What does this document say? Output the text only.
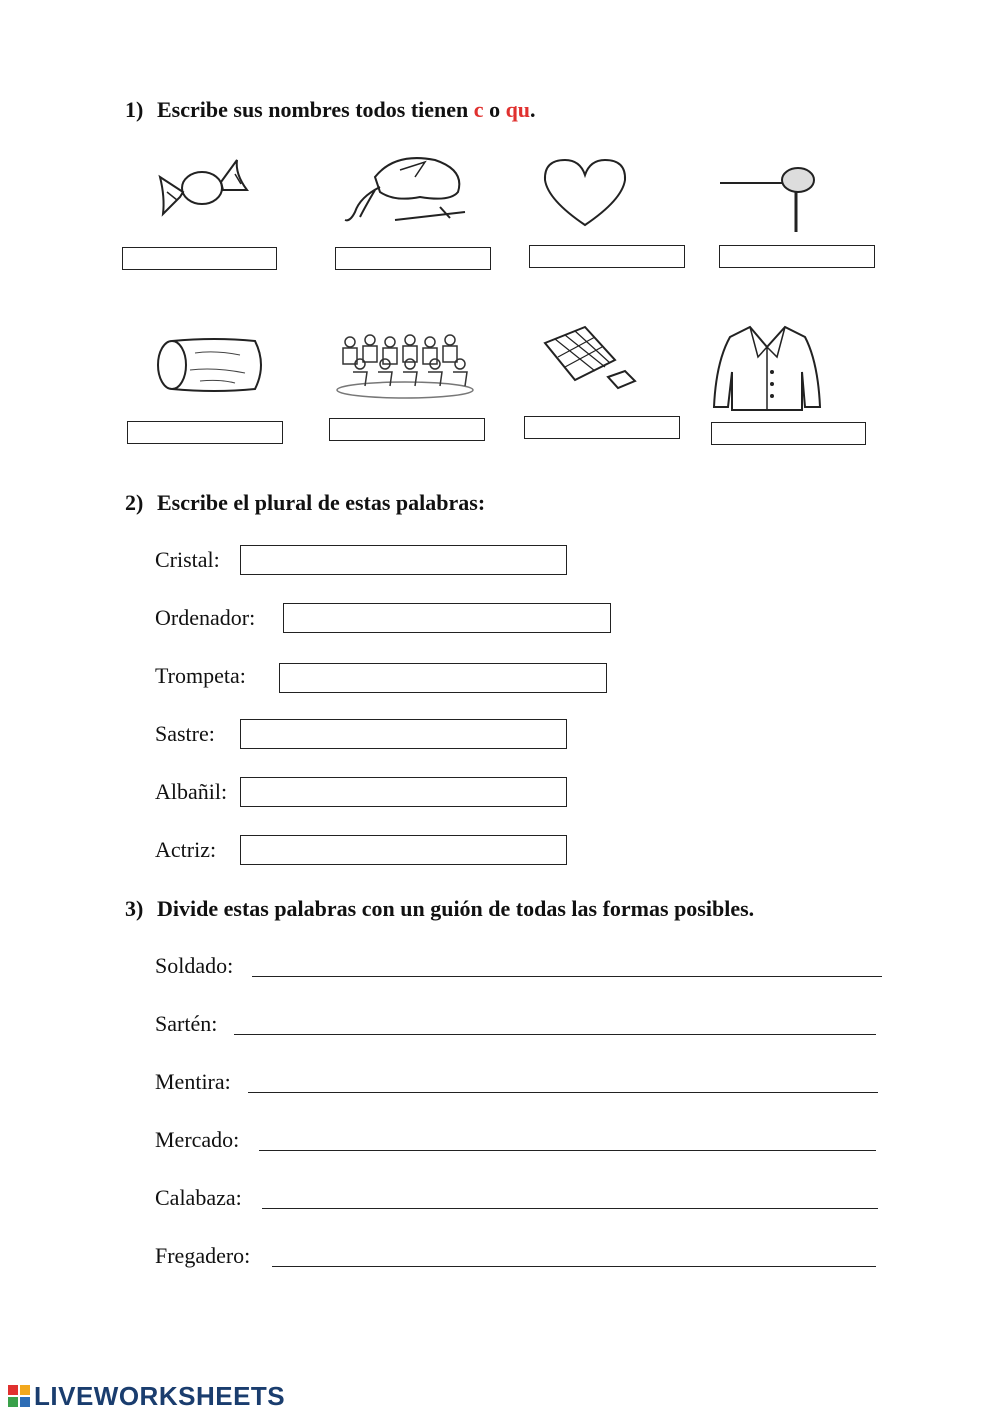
1) Escribe sus nombres todos tienen c o qu.
2) Escribe el plural de estas palabras:
Cristal:
Ordenador:
Trompeta:
Sastre:
Albañil:
Actriz:
3) Divide estas palabras con un guión de todas las formas posibles.
Soldado:
Sartén:
Mentira:
Mercado:
Calabaza:
Fregadero:
LIVEWORKSHEETS
